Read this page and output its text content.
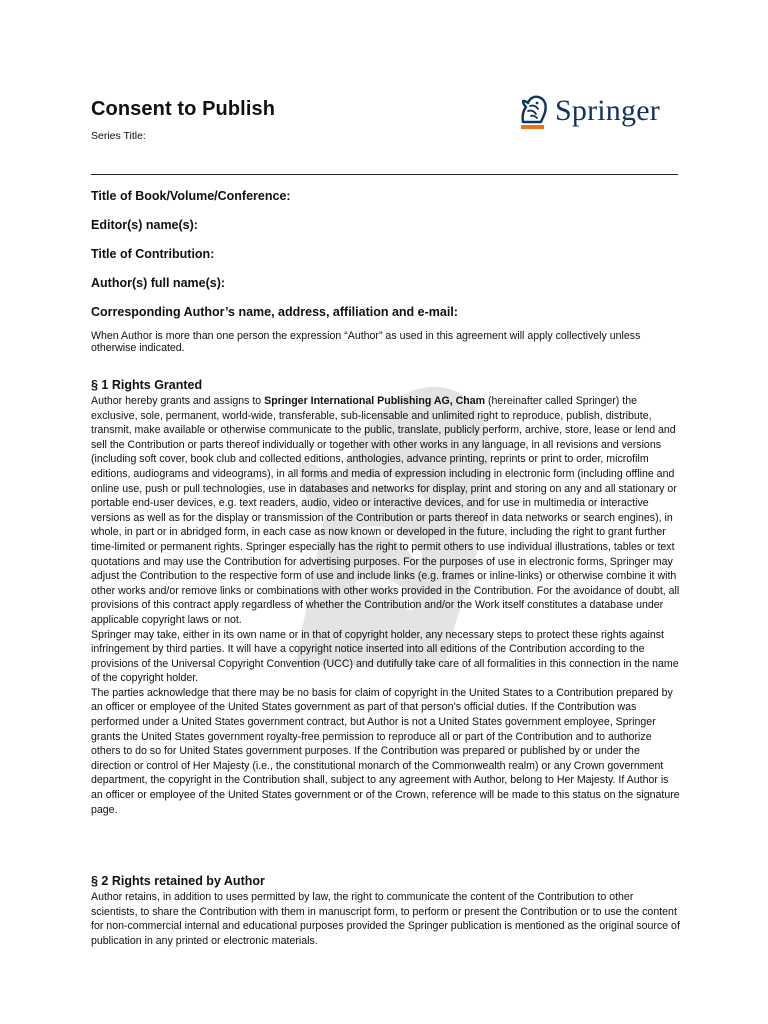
Consent to Publish
Series Title:
Springer
Title of Book/Volume/Conference:
Editor(s) name(s):
Title of Contribution:
Author(s) full name(s):
Corresponding Author’s name, address, affiliation and e-mail:
When Author is more than one person the expression “Author” as used in this agreement will apply collectively unless otherwise indicated.
§ 1 Rights Granted

Author hereby grants and assigns to Springer International Publishing AG, Cham (hereinafter called Springer) the exclusive, sole, permanent, world-wide, transferable, sub-licensable and unlimited right to reproduce, publish, distribute, transmit, make available or otherwise communicate to the public, translate, publicly perform, archive, store, lease or lend and sell the Contribution or parts thereof individually or together with other works in any language, in all revisions and versions (including soft cover, book club and collected editions, anthologies, advance printing, reprints or print to order, microfilm editions, audiograms and videograms), in all forms and media of expression including in electronic form (including offline and online use, push or pull technologies, use in databases and networks for display, print and storing on any and all stationary or portable end-user devices, e.g. text readers, audio, video or interactive devices, and for use in multimedia or interactive versions as well as for the display or transmission of the Contribution or parts thereof in data networks or search engines), in whole, in part or in abridged form, in each case as now known or developed in the future, including the right to grant further time-limited or permanent rights. Springer especially has the right to permit others to use individual illustrations, tables or text quotations and may use the Contribution for advertising purposes. For the purposes of use in electronic forms, Springer may adjust the Contribution to the respective form of use and include links (e.g. frames or inline-links) or otherwise combine it with other works and/or remove links or combinations with other works provided in the Contribution. For the avoidance of doubt, all provisions of this contract apply regardless of whether the Contribution and/or the Work itself constitutes a database under applicable copyright laws or not.

Springer may take, either in its own name or in that of copyright holder, any necessary steps to protect these rights against infringement by third parties. It will have a copyright notice inserted into all editions of the Contribution according to the provisions of the Universal Copyright Convention (UCC) and dutifully take care of all formalities in this connection in the name of the copyright holder.

The parties acknowledge that there may be no basis for claim of copyright in the United States to a Contribution prepared by an officer or employee of the United States government as part of that person’s official duties. If the Contribution was performed under a United States government contract, but Author is not a United States government employee, Springer grants the United States government royalty-free permission to reproduce all or part of the Contribution and to authorize others to do so for United States government purposes. If the Contribution was prepared or published by or under the direction or control of Her Majesty (i.e., the constitutional monarch of the Commonwealth realm) or any Crown government department, the copyright in the Contribution shall, subject to any agreement with Author, belong to Her Majesty. If Author is an officer or employee of the United States government or of the Crown, reference will be made to this status on the signature page.

§ 2 Rights retained by Author

Author retains, in addition to uses permitted by law, the right to communicate the content of the Contribution to other scientists, to share the Contribution with them in manuscript form, to perform or present the Contribution or to use the content for non-commercial internal and educational purposes provided the Springer publication is mentioned as the original source of publication in any printed or electronic materials.
